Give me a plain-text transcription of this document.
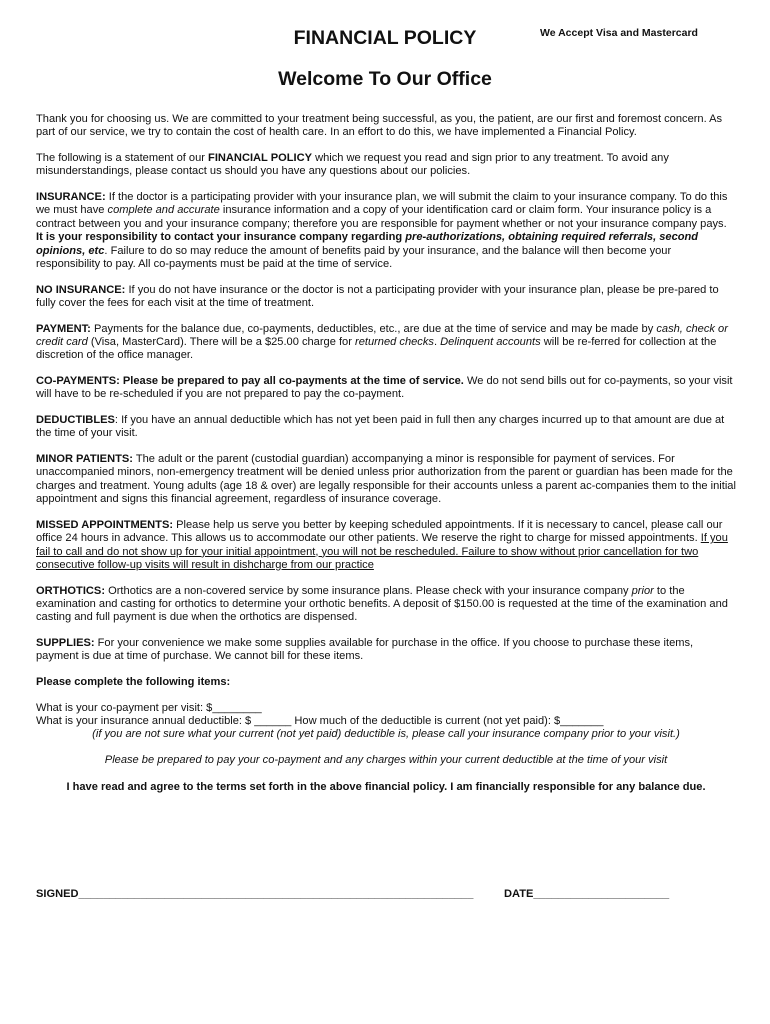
FINANCIAL POLICY	We Accept Visa and Mastercard
Welcome To Our Office

Thank you for choosing us. We are committed to your treatment being successful, as you, the patient, are our first and foremost concern. As part of our service, we try to contain the cost of health care. In an effort to do this, we have implemented a Financial Policy.

The following is a statement of our FINANCIAL POLICY which we request you read and sign prior to any treatment. To avoid any misunderstandings, please contact us should you have any questions about our policies.

INSURANCE: If the doctor is a participating provider with your insurance plan, we will submit the claim to your insurance company. To do this we must have complete and accurate insurance information and a copy of your identification card or claim form. Your insurance policy is a contract between you and your insurance company; therefore you are responsible for payment whether or not your insurance company pays. It is your responsibility to contact your insurance company regarding pre-authorizations, obtaining required referrals, second opinions, etc. Failure to do so may reduce the amount of benefits paid by your insurance, and the balance will then become your responsibility to pay. All co-payments must be paid at the time of service.

NO INSURANCE: If you do not have insurance or the doctor is not a participating provider with your insurance plan, please be pre-pared to fully cover the fees for each visit at the time of treatment.

PAYMENT: Payments for the balance due, co-payments, deductibles, etc., are due at the time of service and may be made by cash, check or credit card (Visa, MasterCard). There will be a $25.00 charge for returned checks. Delinquent accounts will be re-ferred for collection at the discretion of the office manager.

CO-PAYMENTS: Please be prepared to pay all co-payments at the time of service. We do not send bills out for co-payments, so your visit will have to be re-scheduled if you are not prepared to pay the co-payment.

DEDUCTIBLES: If you have an annual deductible which has not yet been paid in full then any charges incurred up to that amount are due at the time of your visit.

MINOR PATIENTS: The adult or the parent (custodial guardian) accompanying a minor is responsible for payment of services. For unaccompanied minors, non-emergency treatment will be denied unless prior authorization from the parent or guardian has been made for the charges and treatment. Young adults (age 18 & over) are legally responsible for their accounts unless a parent ac-companies them to the initial appointment and signs this financial agreement, regardless of insurance coverage.

MISSED APPOINTMENTS: Please help us serve you better by keeping scheduled appointments. If it is necessary to cancel, please call our office 24 hours in advance. This allows us to accommodate our other patients. We reserve the right to charge for missed appointments. If you fail to call and do not show up for your initial appointment, you will not be rescheduled. Failure to show without prior cancellation for two consecutive follow-up visits will result in dishcharge from our practice

ORTHOTICS: Orthotics are a non-covered service by some insurance plans. Please check with your insurance company prior to the examination and casting for orthotics to determine your orthotic benefits. A deposit of $150.00 is requested at the time of the examination and casting and full payment is due when the orthotics are dispensed.

SUPPLIES: For your convenience we make some supplies available for purchase in the office. If you choose to purchase these items, payment is due at time of purchase. We cannot bill for these items.

Please complete the following items:

What is your co-payment per visit: $________
What is your insurance annual deductible: $ ______ How much of the deductible is current (not yet paid): $_______
(if you are not sure what your current (not yet paid) deductible is, please call your insurance company prior to your visit.)

Please be prepared to pay your co-payment and any charges within your current deductible at the time of your visit

I have read and agree to the terms set forth in the above financial policy. I am financially responsible for any balance due.

SIGNED________________________________________________________________	DATE______________________
